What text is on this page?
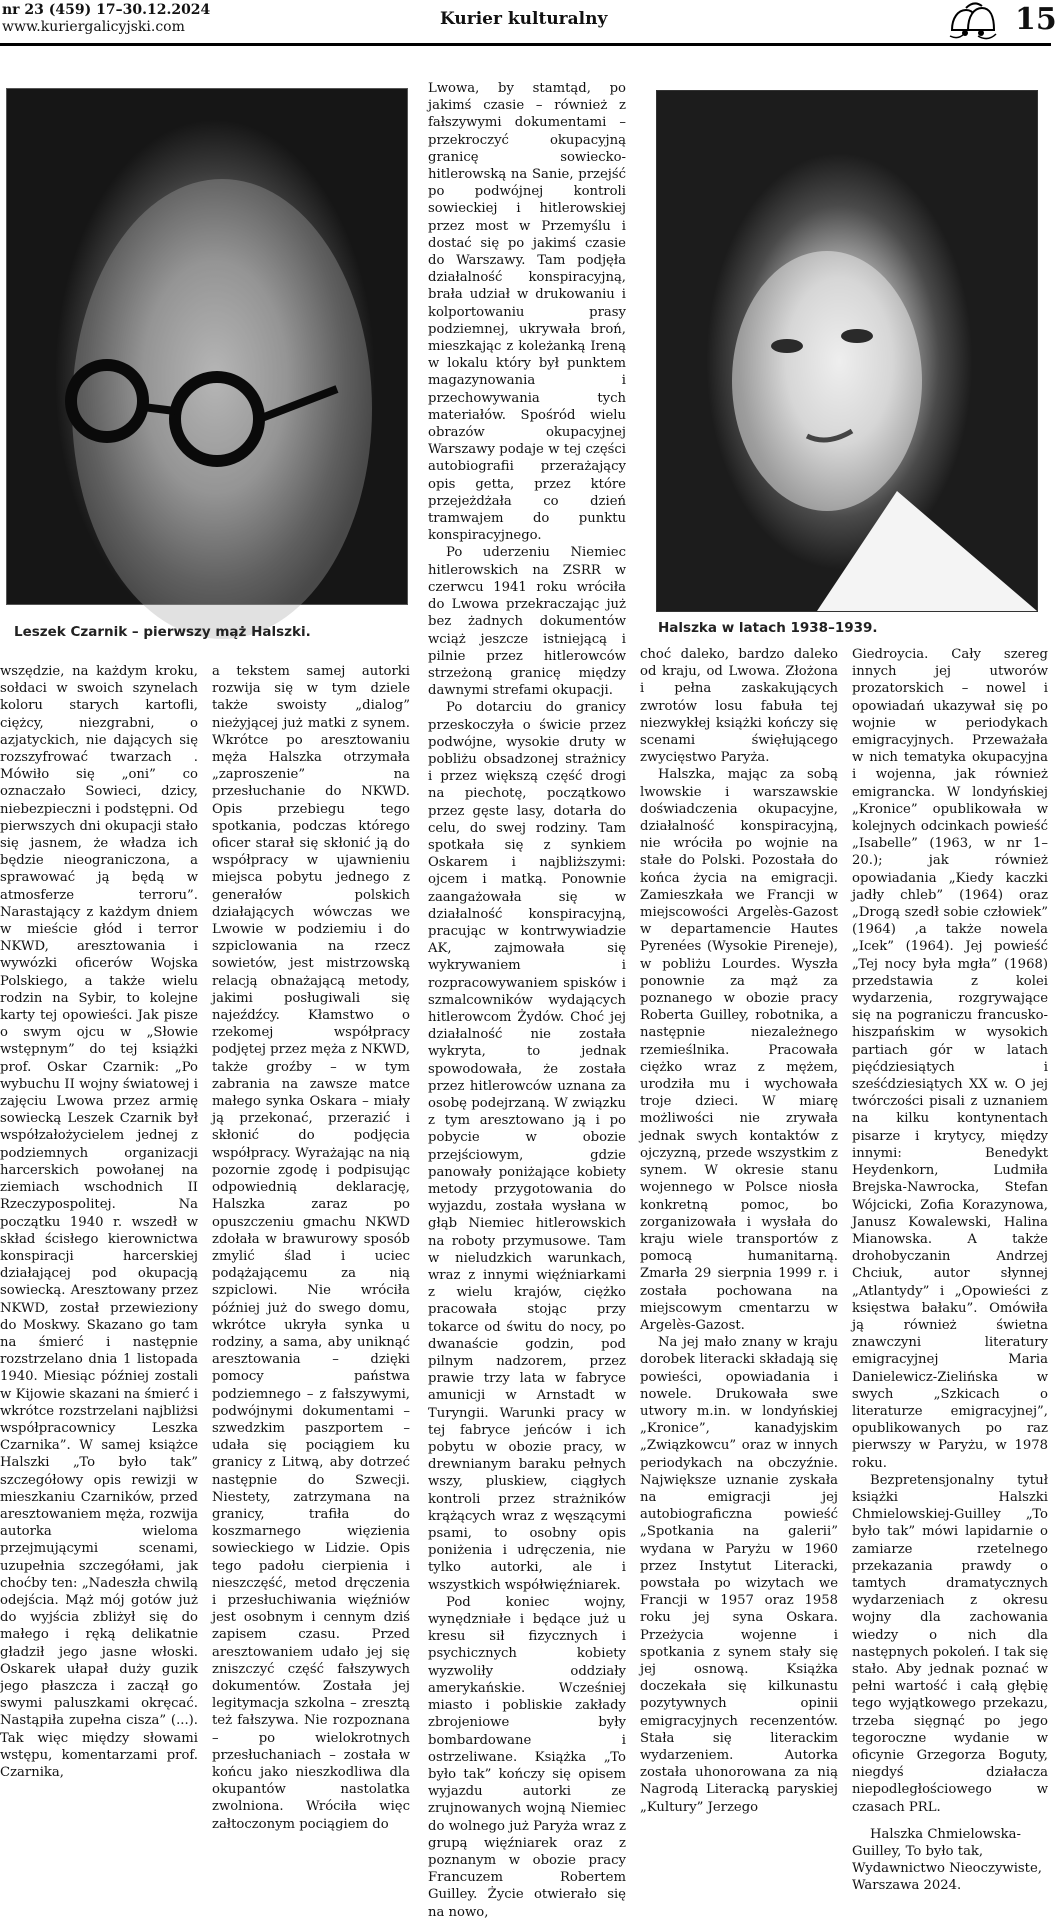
nr 23 (459) 17–30.12.2024
www.kuriergalicyjski.com	Kurier kulturalny	15
Leszek Czarnik – pierwszy mąż Halszki.	Halszka w latach 1938–1939.

wszędzie, na każdym kroku, sołdaci w swoich szynelach koloru starych kartofli, ciężcy, niezgrabni, o azjatyckich, nie dających się rozszyfrować twarzach . Mówiło się „oni” co oznaczało Sowieci, dzicy, niebezpieczni i podstępni. Od pierwszych dni okupacji stało się jasnem, że władza ich będzie nieograniczona, a sprawować ją będą w atmosferze terroru”. Narastający z każdym dniem w mieście głód i terror NKWD, aresztowania i wywózki oficerów Wojska Polskiego, a także wielu rodzin na Sybir, to kolejne karty tej opowieści. Jak pisze o swym ojcu w „Słowie wstępnym” do tej książki prof. Oskar Czarnik: „Po wybuchu II wojny światowej i zajęciu Lwowa przez armię sowiecką Leszek Czarnik był współzałożycielem jednej z podziemnych organizacji harcerskich powołanej na ziemiach wschodnich II Rzeczypospolitej. Na początku 1940 r. wszedł w skład ścisłego kierownictwa konspiracji harcerskiej działającej pod okupacją sowiecką. Aresztowany przez NKWD, został przewieziony do Moskwy. Skazano go tam na śmierć i następnie rozstrzelano dnia 1 listopada 1940. Miesiąc później zostali w Kijowie skazani na śmierć i wkrótce rozstrzelani najbliżsi współpracownicy Leszka Czarnika”. W samej książce Halszki „To było tak” szczegółowy opis rewizji w mieszkaniu Czarników, przed aresztowaniem męża, rozwija autorka wieloma przejmującymi scenami, uzupełnia szczegółami, jak choćby ten: „Nadeszła chwilą odejścia. Mąż mój gotów już do wyjścia zbliżył się do małego i ręką delikatnie gładził jego jasne włoski. Oskarek ułapał duży guzik jego płaszcza i zaczął go swymi paluszkami okręcać. Nastąpiła zupełna cisza” (...). Tak więc między słowami wstępu, komentarzami prof. Czarnika,

a tekstem samej autorki rozwija się w tym dziele także swoisty „dialog” nieżyjącej już matki z synem. Wkrótce po aresztowaniu męża Halszka otrzymała „zaproszenie” na przesłuchanie do NKWD. Opis przebiegu tego spotkania, podczas którego oficer starał się skłonić ją do współpracy w ujawnieniu miejsca pobytu jednego z generałów polskich działających wówczas we Lwowie w podziemiu i do szpiclowania na rzecz sowietów, jest mistrzowską relacją obnażającą metody, jakimi posługiwali się najeźdźcy. Kłamstwo o rzekomej współpracy podjętej przez męża z NKWD, także groźby – w tym zabrania na zawsze matce małego synka Oskara – miały ją przekonać, przerazić i skłonić do podjęcia współpracy. Wyrażając na nią pozornie zgodę i podpisując odpowiednią deklarację, Halszka zaraz po opuszczeniu gmachu NKWD zdołała w brawurowy sposób zmylić ślad i uciec podążającemu za nią szpiclowi. Nie wróciła później już do swego domu, wkrótce ukryła synka u rodziny, a sama, aby uniknąć aresztowania – dzięki pomocy państwa podziemnego – z fałszywymi, podwójnymi dokumentami – szwedzkim paszportem – udała się pociągiem ku granicy z Litwą, aby dotrzeć następnie do Szwecji. Niestety, zatrzymana na granicy, trafiła do koszmarnego więzienia sowieckiego w Lidzie. Opis tego padołu cierpienia i nieszczęść, metod dręczenia i przesłuchiwania więźniów jest osobnym i cennym dziś zapisem czasu. Przed aresztowaniem udało jej się zniszczyć część fałszywych dokumentów. Została jej legitymacja szkolna – zresztą też fałszywa. Nie rozpoznana – po wielokrotnych przesłuchaniach – została w końcu jako nieszkodliwa dla okupantów nastolatka zwolniona. Wróciła więc załtoczonym pociągiem do

Lwowa, by stamtąd, po jakimś czasie – również z fałszywymi dokumentami – przekroczyć okupacyjną granicę sowiecko-hitlerowską na Sanie, przejść po podwójnej kontroli sowieckiej i hitlerowskiej przez most w Przemyślu i dostać się po jakimś czasie do Warszawy. Tam podjęła działalność konspiracyjną, brała udział w drukowaniu i kolportowaniu prasy podziemnej, ukrywała broń, mieszkając z koleżanką Ireną w lokalu który był punktem magazynowania i przechowywania tych materiałów. Spośród wielu obrazów okupacyjnej Warszawy podaje w tej części autobiografii przerażający opis getta, przez które przejeżdżała co dzień tramwajem do punktu konspiracyjnego.

Po uderzeniu Niemiec hitlerowskich na ZSRR w czerwcu 1941 roku wróciła do Lwowa przekraczając już bez żadnych dokumentów wciąż jeszcze istniejącą i pilnie przez hitlerowców strzeżoną granicę między dawnymi strefami okupacji.

Po dotarciu do granicy przeskoczyła o świcie przez podwójne, wysokie druty w pobliżu obsadzonej strażnicy i przez większą część drogi na piechotę, początkowo przez gęste lasy, dotarła do celu, do swej rodziny. Tam spotkała się z synkiem Oskarem i najbliższymi: ojcem i matką. Ponownie zaangażowała się w działalność konspiracyjną, pracując w kontrwywiadzie AK, zajmowała się wykrywaniem i rozpracowywaniem spisków i szmalcowników wydających hitlerowcom Żydów. Choć jej działalność nie została wykryta, to jednak spowodowała, że została przez hitlerowców uznana za osobę podejrzaną. W związku z tym aresztowano ją i po pobycie w obozie przejściowym, gdzie panowały poniżające kobiety metody przygotowania do wyjazdu, została wysłana w głąb Niemiec hitlerowskich na roboty przymusowe. Tam w nieludzkich warunkach, wraz z innymi więźniarkami z wielu krajów, ciężko pracowała stojąc przy tokarce od świtu do nocy, po dwanaście godzin, pod pilnym nadzorem, przez prawie trzy lata w fabryce amunicji w Arnstadt w Turyngii. Warunki pracy w tej fabryce jeńców i ich pobytu w obozie pracy, w drewnianym baraku pełnych wszy, pluskiew, ciągłych kontroli przez strażników krążących wraz z węszącymi psami, to osobny opis poniżenia i udręczenia, nie tylko autorki, ale i wszystkich współwięźniarek.

Pod koniec wojny, wynędzniałe i będące już u kresu sił fizycznych i psychicznych kobiety wyzwoliły oddziały amerykańskie. Wcześniej miasto i pobliskie zakłady zbrojeniowe były bombardowane i ostrzeliwane. Książka „To było tak” kończy się opisem wyjazdu autorki ze zrujnowanych wojną Niemiec do wolnego już Paryża wraz z grupą więźniarek oraz z poznanym w obozie pracy Francuzem Robertem Guilley. Życie otwierało się na nowo,

choć daleko, bardzo daleko od kraju, od Lwowa. Złożona i pełna zaskakujących zwrotów losu fabuła tej niezwykłej książki kończy się scenami święłującego zwycięstwo Paryża.

Halszka, mając za sobą lwowskie i warszawskie doświadczenia okupacyjne, działalność konspiracyjną, nie wróciła po wojnie na stałe do Polski. Pozostała do końca życia na emigracji. Zamieszkała we Francji w miejscowości Argelès-Gazost w departamencie Hautes Pyrenées (Wysokie Pireneje), w pobliżu Lourdes. Wyszła ponownie za mąż za poznanego w obozie pracy Roberta Guilley, robotnika, a następnie niezależnego rzemieślnika. Pracowała ciężko wraz z mężem, urodziła mu i wychowała troje dzieci. W miarę możliwości nie zrywała jednak swych kontaktów z ojczyzną, przede wszystkim z synem. W okresie stanu wojennego w Polsce niosła konkretną pomoc, bo zorganizowała i wysłała do kraju wiele transportów z pomocą humanitarną. Zmarła 29 sierpnia 1999 r. i została pochowana na miejscowym cmentarzu w Argelès-Gazost.

Na jej mało znany w kraju dorobek literacki składają się powieści, opowiadania i nowele. Drukowała swe utwory m.in. w londyńskiej „Kronice”, kanadyjskim „Związkowcu” oraz w innych periodykach na obczyźnie. Największe uznanie zyskała na emigracji jej autobiograficzna powieść „Spotkania na galerii” wydana w Paryżu w 1960 przez Instytut Literacki, powstała po wizytach we Francji w 1957 oraz 1958 roku jej syna Oskara. Przeżycia wojenne i spotkania z synem stały się jej osnową. Książka doczekała się kilkunastu pozytywnych opinii emigracyjnych recenzentów. Stała się literackim wydarzeniem. Autorka została uhonorowana za nią Nagrodą Literacką paryskiej „Kultury” Jerzego

Giedroycia. Cały szereg innych jej utworów prozatorskich – nowel i opowiadań ukazywał się po wojnie w periodykach emigracyjnych. Przeważała w nich tematyka okupacyjna i wojenna, jak również emigrancka. W londyńskiej „Kronice” opublikowała w kolejnych odcinkach powieść „Isabelle” (1963, w nr 1–20.); jak również opowiadania „Kiedy kaczki jadły chleb” (1964) oraz „Drogą szedł sobie człowiek” (1964) ,a także nowela „Icek” (1964). Jej powieść „Tej nocy była mgła” (1968) przedstawia z kolei wydarzenia, rozgrywające się na pograniczu francusko-hiszpańskim w wysokich partiach gór w latach pięćdziesiątych i sześćdziesiątych XX w. O jej twórczości pisali z uznaniem na kilku kontynentach pisarze i krytycy, między innymi: Benedykt Heydenkorn, Ludmiła Brejska-Nawrocka, Stefan Wójcicki, Zofia Korazynowa, Janusz Kowalewski, Halina Mianowska. A także drohobyczanin Andrzej Chciuk, autor słynnej „Atlantydy” i „Opowieści z księstwa bałaku”. Omówiła ją również świetna znawczyni literatury emigracyjnej Maria Danielewicz-Zielińska w swych „Szkicach o literaturze emigracyjnej”, opublikowanych po raz pierwszy w Paryżu, w 1978 roku.

Bezpretensjonalny tytuł książki Halszki Chmielowskiej-Guilley „To było tak” mówi lapidarnie o zamiarze rzetelnego przekazania prawdy o tamtych dramatycznych wydarzeniach z okresu wojny dla zachowania wiedzy o nich dla następnych pokoleń. I tak się stało. Aby jednak poznać w pełni wartość i całą głębię tego wyjątkowego przekazu, trzeba sięgnąć po jego tegoroczne wydanie w oficynie Grzegorza Boguty, niegdyś działacza niepodległościowego w czasach PRL.

Halszka Chmielowska-Guilley, To było tak, Wydawnictwo Nieoczywiste, Warszawa 2024.
